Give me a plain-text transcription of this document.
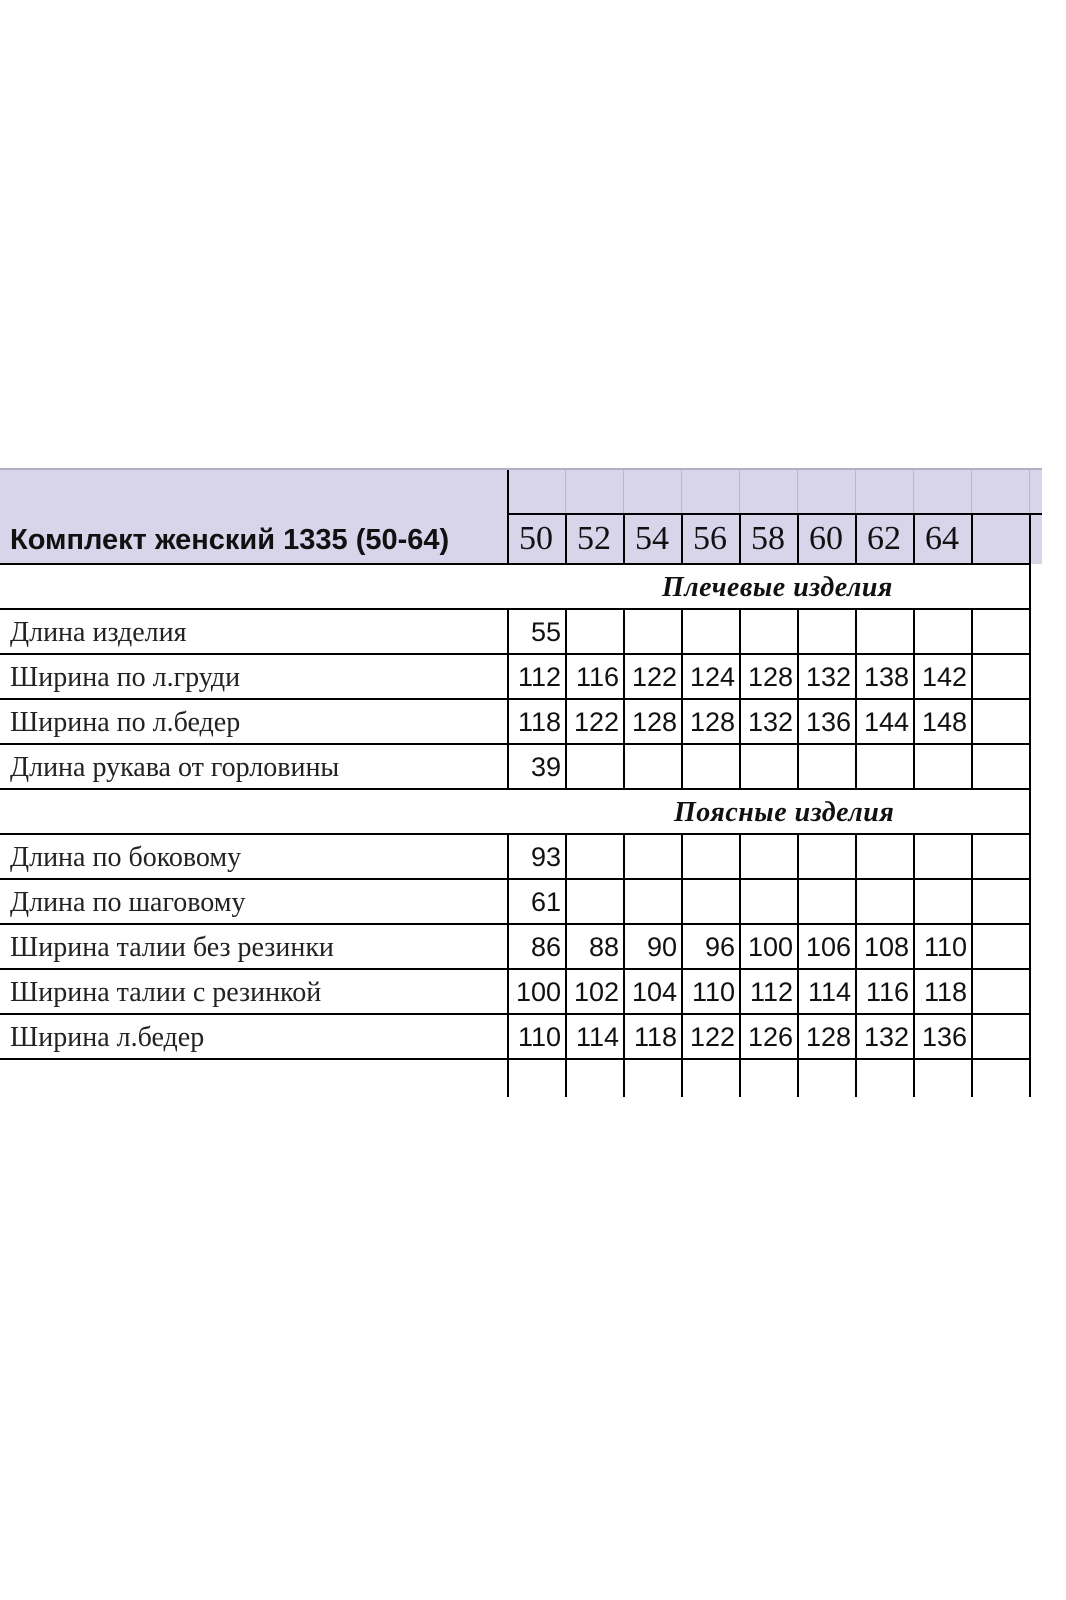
Комплект женский 1335 (50-64)	50 52 54 56 58 60 62 64
Плечевые изделия
Длина изделия	55
Ширина по л.груди	112 116 122 124 128 132 138 142
Ширина по л.бедер	118 122 128 128 132 136 144 148
Длина рукава от горловины	39
Поясные изделия
Длина по боковому	93
Длина по шаговому	61
Ширина талии без резинки	86	88	90	96 100 106 108 110
Ширина талии с резинкой	100 102 104 110 112 114 116 118
Ширина л.бедер	110 114 118 122 126 128 132 136
